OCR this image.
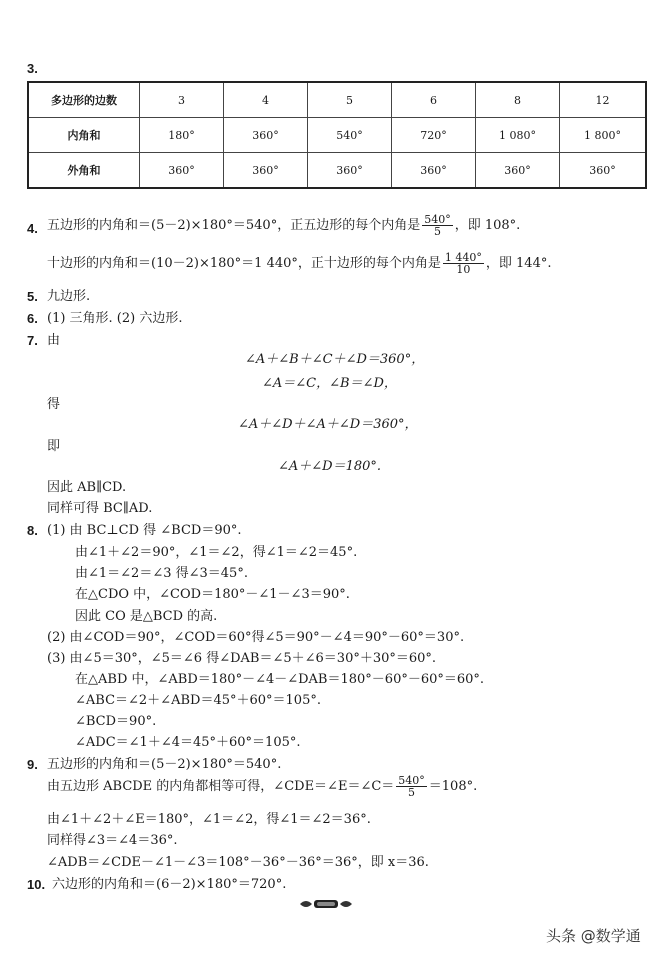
3.
多边形的边数	3	4	5	6	8	12
内角和	180°	360°	540°	720°	1 080°	1 800°
外角和	360°	360°	360°	360°	360°	360°
4. 五边形的内角和＝(5－2)×180°＝540°，正五边形的每个内角是 $\frac{540^\circ}{5}$ ，即 108°.
十边形的内角和＝(10－2)×180°＝1 440°，正十边形的每个内角是 $\frac{1 440^\circ}{10}$ ，即 144°.
5. 九边形.
6. (1) 三角形. (2) 六边形.
7. 由
∠A＋∠B＋∠C＋∠D＝360°，
∠A＝∠C，∠B＝∠D，
得
∠A＋∠D＋∠A＋∠D＝360°，
即
∠A＋∠D＝180°.
因此 AB∥CD.
同样可得 BC∥AD.
8. (1) 由 BC⊥CD 得 ∠BCD＝90°.
由∠1＋∠2＝90°，∠1＝∠2，得∠1＝∠2＝45°.
由∠1＝∠2＝∠3 得∠3＝45°.
在△CDO 中，∠COD＝180°－∠1－∠3＝90°.
因此 CO 是△BCD 的高.
(2) 由∠COD＝90°，∠COD＝60°得∠5＝90°－∠4＝90°－60°＝30°.
(3) 由∠5＝30°，∠5＝∠6 得∠DAB＝∠5＋∠6＝30°＋30°＝60°.
在△ABD 中，∠ABD＝180°－∠4－∠DAB＝180°－60°－60°＝60°.
∠ABC＝∠2＋∠ABD＝45°＋60°＝105°.
∠BCD＝90°.
∠ADC＝∠1＋∠4＝45°＋60°＝105°.
9. 五边形的内角和＝(5－2)×180°＝540°.
由五边形 ABCDE 的内角都相等可得，∠CDE＝∠E＝∠C＝ $\frac{540^\circ}{5} =108^\circ$.
由∠1＋∠2＋∠E＝180°，∠1＝∠2，得∠1＝∠2＝36°.
同样得∠3＝∠4＝36°.
∠ADB＝∠CDE－∠1－∠3＝108°－36°－36°＝36°，即 x＝36.
10. 六边形的内角和＝(6－2)×180°＝720°.
头条 @数学通
